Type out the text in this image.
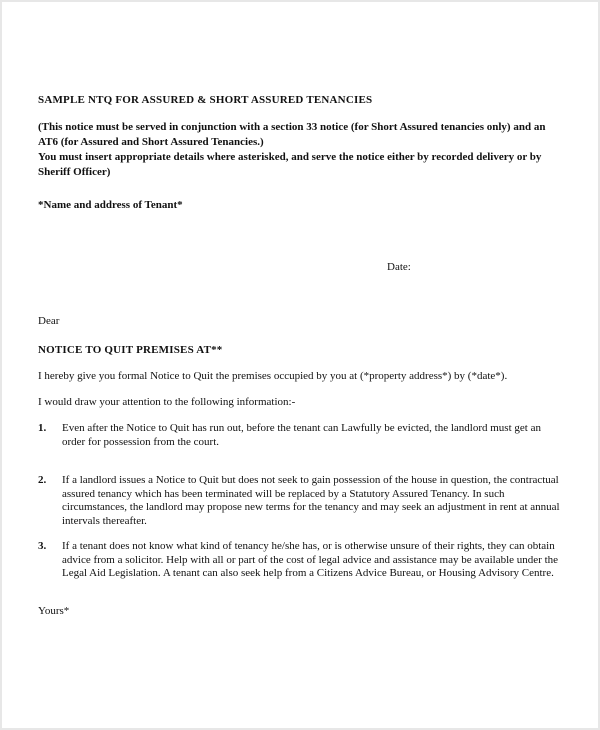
SAMPLE NTQ FOR ASSURED & SHORT ASSURED TENANCIES
(This notice must be served in conjunction with a section 33 notice (for Short Assured tenancies only) and an AT6 (for Assured and Short Assured Tenancies.)
You must insert appropriate details where asterisked, and serve the notice either by recorded delivery or by Sheriff Officer)
*Name and address of Tenant*
Date:
Dear
NOTICE TO QUIT PREMISES AT**
I hereby give you formal Notice to Quit the premises occupied by you at (*property address*) by (*date*).
I would draw your attention to the following information:-
1.	Even after the Notice to Quit has run out, before the tenant can Lawfully be evicted, the landlord must get an order for possession from the court.
2.	If a landlord issues a Notice to Quit but does not seek to gain possession of the house in question, the contractual assured tenancy which has been terminated will be replaced by a Statutory Assured Tenancy. In such circumstances, the landlord may propose new terms for the tenancy and may seek an adjustment in rent at annual intervals thereafter.
3.	If a tenant does not know what kind of tenancy he/she has, or is otherwise unsure of their rights, they can obtain advice from a solicitor. Help with all or part of the cost of legal advice and assistance may be available under the Legal Aid Legislation. A tenant can also seek help from a Citizens Advice Bureau, or Housing Advisory Centre.
Yours*
